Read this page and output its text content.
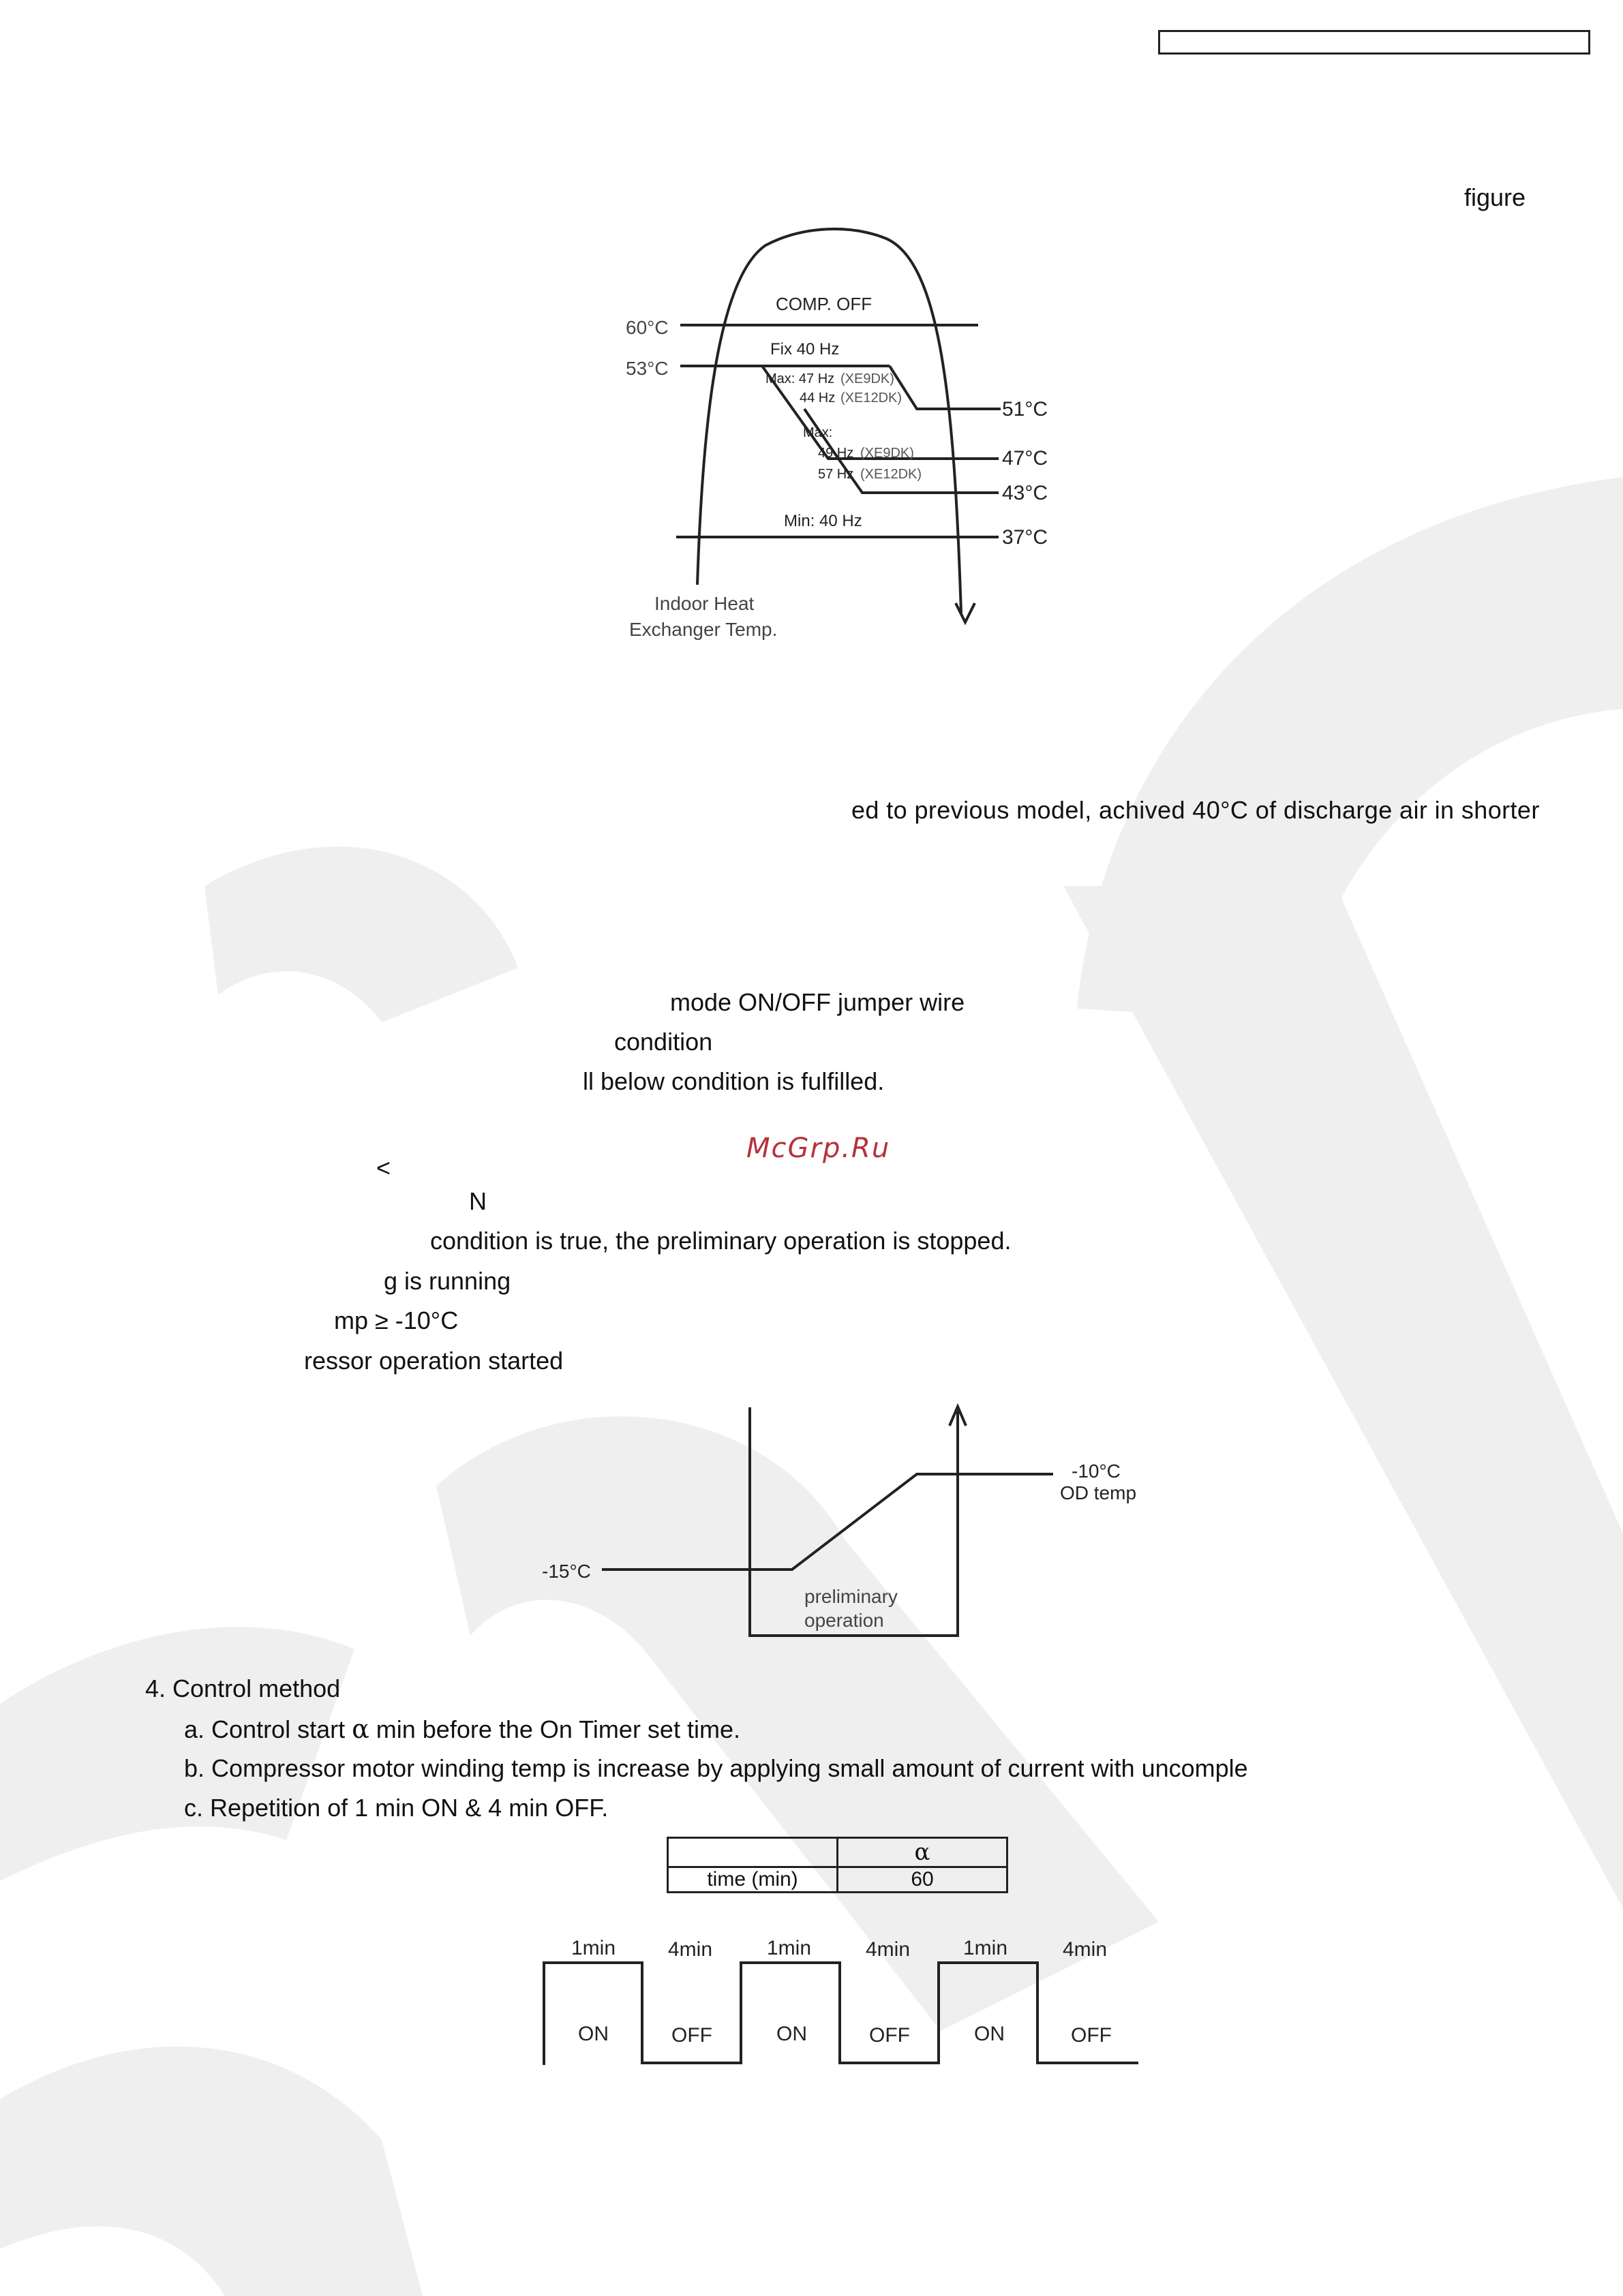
figure
COMP. OFF
Fix 40 Hz
Max: 47 Hz (XE9DK)
44 Hz (XE12DK)
Max:
49 Hz (XE9DK)
57 Hz (XE12DK)
Min: 40 Hz
60°C
53°C
51°C
47°C
43°C
37°C
Indoor Heat
Exchanger Temp.
ed to previous model, achived 40°C of discharge air in shorter
mode ON/OFF jumper wire
condition
ll below condition is fulfilled.
McGrp.Ru
<
N
condition is true, the preliminary operation is stopped.
g is running
mp ≥ -10°C
ressor operation started
-15°C
-10°C
OD temp
preliminary
operation
4. Control method
a. Control start α min before the On Timer set time.
b. Compressor motor winding temp is increase by applying small amount of current with uncomple
c. Repetition of 1 min ON & 4 min OFF.
	α
time (min)	60
1min	4min	1min	4min	1min	4min
ON	OFF	ON	OFF	ON	OFF
